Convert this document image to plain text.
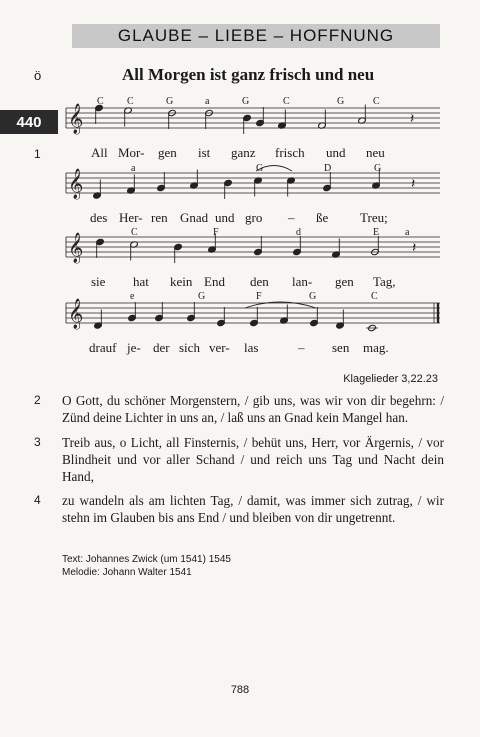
GLAUBE – LIEBE – HOFFNUNG
ö	All Morgen ist ganz frisch und neu
440
1
𝄞
𝄞
𝄞
𝄞
𝄽
𝄽
𝄽
C C	G	a	G	C	G	C
a	G	D	G
C	F	d	E	a
e	G	F	G	C
All Mor- gen ist ganz frisch und neu
des Her- ren Gnad und gro – ße Treu;
sie hat kein End den lan- gen Tag,
drauf je- der sich ver- las	– sen mag.
Klagelieder 3,22.23
2 O Gott, du schöner Morgenstern, / gib uns, was wir von dir begehrn: / Zünd deine Lichter in uns an, / laß uns an Gnad kein Mangel han.
3 Treib aus, o Licht, all Finsternis, / behüt uns, Herr, vor Ärgernis, / vor Blindheit und vor aller Schand / und reich uns Tag und Nacht dein Hand,
4 zu wandeln als am lichten Tag, / damit, was immer sich zutrag, / wir stehn im Glauben bis ans End / und bleiben von dir ungetrennt.
Text: Johannes Zwick (um 1541) 1545
Melodie: Johann Walter 1541
788
